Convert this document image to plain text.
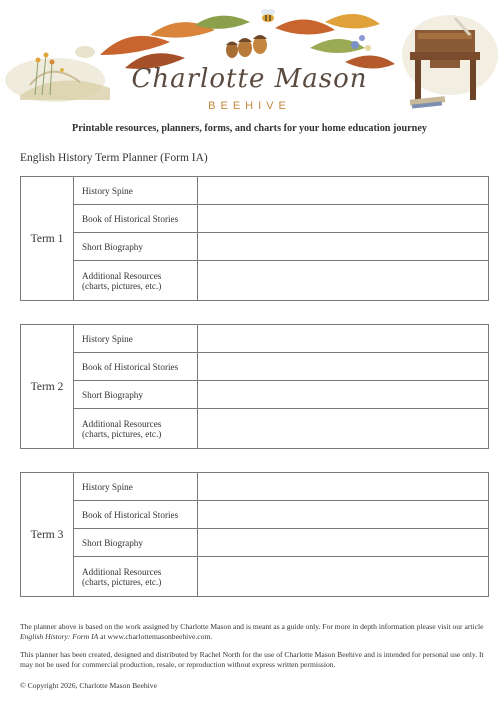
Charlotte Mason
BEEHIVE
Printable resources, planners, forms, and charts for your home education journey
English History Term Planner (Form IA)
Term 1	History Spine	
	Book of Historical Stories	
	Short Biography	
	Additional Resources
(charts, pictures, etc.)	
Term 2	History Spine	
	Book of Historical Stories	
	Short Biography	
	Additional Resources
(charts, pictures, etc.)	
Term 3	History Spine	
	Book of Historical Stories	
	Short Biography	
	Additional Resources
(charts, pictures, etc.)	
The planner above is based on the work assigned by Charlotte Mason and is meant as a guide only. For more in depth information please visit our article English History: Form IA at www.charlottemasonbeehive.com.
This planner has been created, designed and distributed by Rachel North for the use of Charlotte Mason Beehive and is intended for personal use only. It may not be used for commercial production, resale, or reproduction without express written permission.
© Copyright 2026, Charlotte Mason Beehive
